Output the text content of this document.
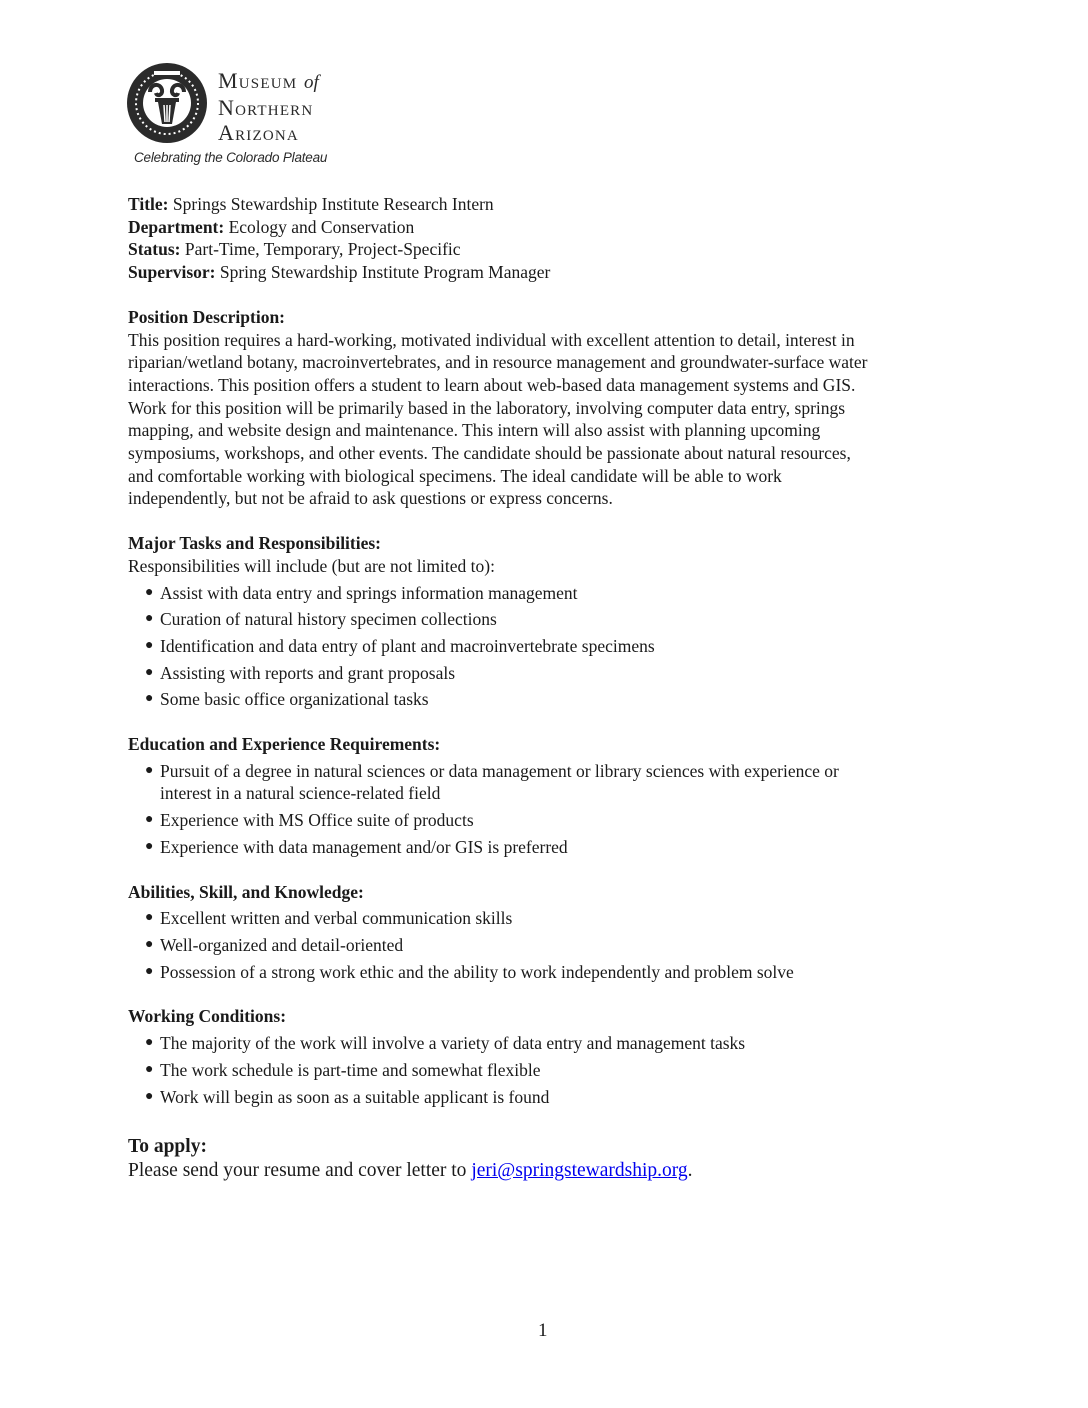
Museum of
Northern
Arizona
Celebrating the Colorado Plateau
Title: Springs Stewardship Institute Research Intern
Department: Ecology and Conservation
Status: Part-Time, Temporary, Project-Specific
Supervisor: Spring Stewardship Institute Program Manager
Position Description:
This position requires a hard-working, motivated individual with excellent attention to detail, interest in
riparian/wetland botany, macroinvertebrates, and in resource management and groundwater-surface water
interactions. This position offers a student to learn about web-based data management systems and GIS.
Work for this position will be primarily based in the laboratory, involving computer data entry, springs
mapping, and website design and maintenance. This intern will also assist with planning upcoming
symposiums, workshops, and other events. The candidate should be passionate about natural resources,
and comfortable working with biological specimens. The ideal candidate will be able to work
independently, but not be afraid to ask questions or express concerns.
Major Tasks and Responsibilities:
Responsibilities will include (but are not limited to):
● Assist with data entry and springs information management
● Curation of natural history specimen collections
● Identification and data entry of plant and macroinvertebrate specimens
● Assisting with reports and grant proposals
● Some basic office organizational tasks
Education and Experience Requirements:
● Pursuit of a degree in natural sciences or data management or library sciences with experience or
interest in a natural science-related field
● Experience with MS Office suite of products
● Experience with data management and/or GIS is preferred
Abilities, Skill, and Knowledge:
● Excellent written and verbal communication skills
● Well-organized and detail-oriented
● Possession of a strong work ethic and the ability to work independently and problem solve
Working Conditions:
● The majority of the work will involve a variety of data entry and management tasks
● The work schedule is part-time and somewhat flexible
● Work will begin as soon as a suitable applicant is found
To apply:
Please send your resume and cover letter to jeri@springstewardship.org.
1
